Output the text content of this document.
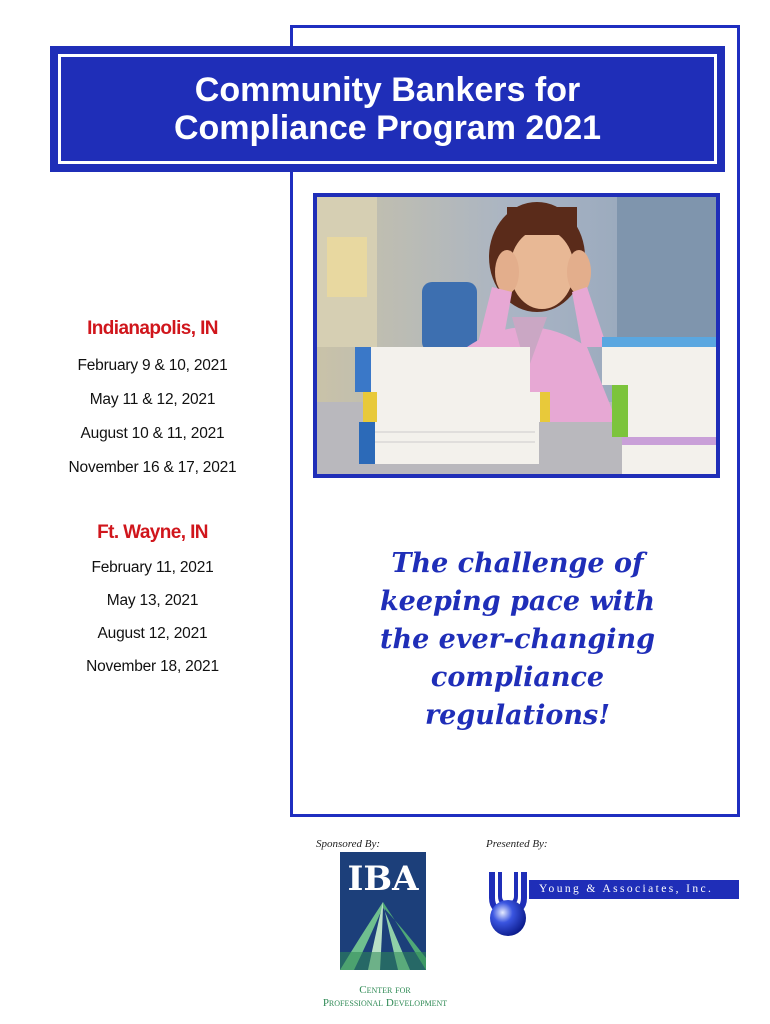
Community Bankers for
Compliance Program 2021
Indianapolis, IN
February 9 & 10, 2021
May 11 & 12, 2021
August 10 & 11, 2021
November 16 & 17, 2021
Ft. Wayne, IN
February 11, 2021
May 13, 2021
August 12, 2021
November 18, 2021
The challenge of
keeping pace with
the ever-changing
compliance
regulations!
Sponsored By:	Presented By:
IBA
Center for
Professional Development
Young & Associates, Inc.
